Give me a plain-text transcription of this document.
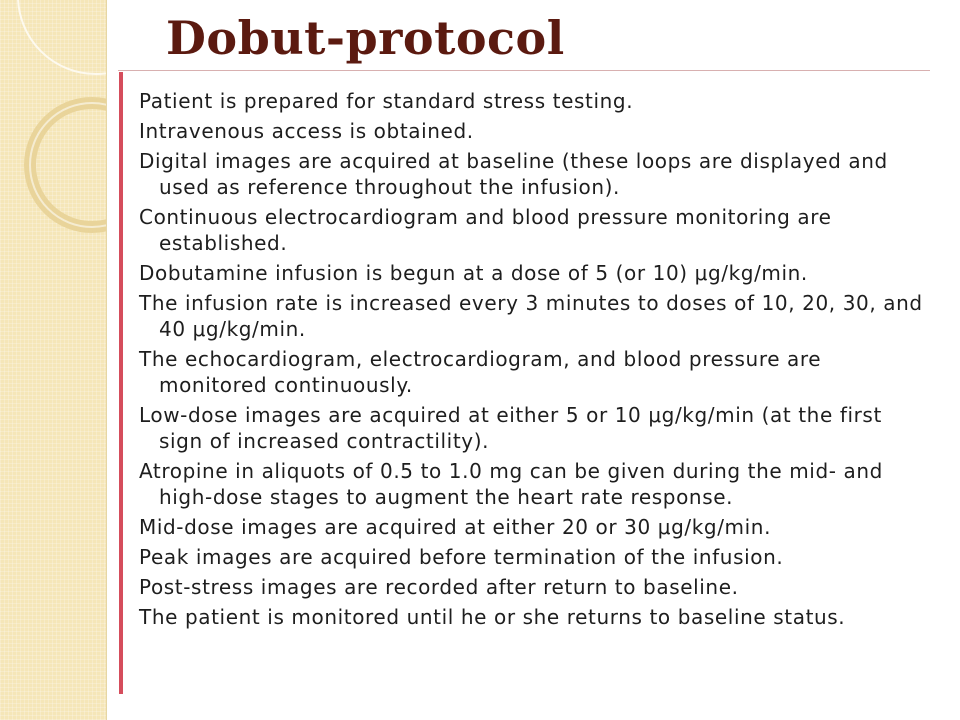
Dobut-protocol
Patient is prepared for standard stress testing.
Intravenous access is obtained.
Digital images are acquired at baseline (these loops are displayed and used as reference throughout the infusion).
Continuous electrocardiogram and blood pressure monitoring are established.
Dobutamine infusion is begun at a dose of 5 (or 10) μg/kg/min.
The infusion rate is increased every 3 minutes to doses of 10, 20, 30, and 40 μg/kg/min.
The echocardiogram, electrocardiogram, and blood pressure are monitored continuously.
Low-dose images are acquired at either 5 or 10 μg/kg/min (at the first sign of increased contractility).
Atropine in aliquots of 0.5 to 1.0 mg can be given during the mid- and high-dose stages to augment the heart rate response.
Mid-dose images are acquired at either 20 or 30 μg/kg/min.
Peak images are acquired before termination of the infusion.
Post-stress images are recorded after return to baseline.
The patient is monitored until he or she returns to baseline status.
